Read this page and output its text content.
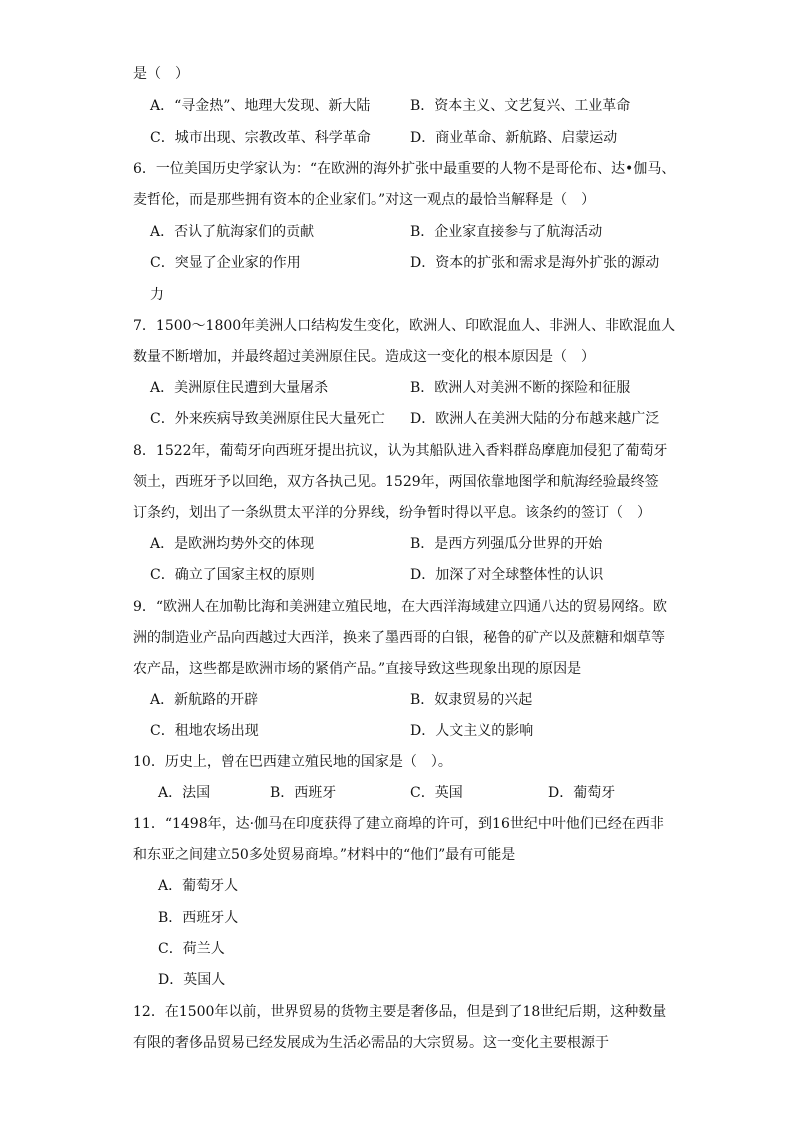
是（　）
A．“寻金热”、地理大发现、新大陆	B．资本主义、文艺复兴、工业革命
C．城市出现、宗教改革、科学革命	D．商业革命、新航路、启蒙运动
6．一位美国历史学家认为：“在欧洲的海外扩张中最重要的人物不是哥伦布、达•伽马、
麦哲伦，而是那些拥有资本的企业家们。”对这一观点的最恰当解释是（　）
A．否认了航海家们的贡献	B．企业家直接参与了航海活动
C．突显了企业家的作用	D．资本的扩张和需求是海外扩张的源动
力
7．1500～1800年美洲人口结构发生变化，欧洲人、印欧混血人、非洲人、非欧混血人
数量不断增加，并最终超过美洲原住民。造成这一变化的根本原因是（　）
A．美洲原住民遭到大量屠杀	B．欧洲人对美洲不断的探险和征服
C．外来疾病导致美洲原住民大量死亡 D．欧洲人在美洲大陆的分布越来越广泛
8．1522年，葡萄牙向西班牙提出抗议，认为其船队进入香料群岛摩鹿加侵犯了葡萄牙
领土，西班牙予以回绝，双方各执己见。1529年，两国依靠地图学和航海经验最终签
订条约，划出了一条纵贯太平洋的分界线，纷争暂时得以平息。该条约的签订（　）
A．是欧洲均势外交的体现	B．是西方列强瓜分世界的开始
C．确立了国家主权的原则	D．加深了对全球整体性的认识
9．“欧洲人在加勒比海和美洲建立殖民地，在大西洋海域建立四通八达的贸易网络。欧
洲的制造业产品向西越过大西洋，换来了墨西哥的白银，秘鲁的矿产以及蔗糖和烟草等
农产品，这些都是欧洲市场的紧俏产品。”直接导致这些现象出现的原因是
A．新航路的开辟	B．奴隶贸易的兴起
C．租地农场出现	D．人文主义的影响
10．历史上，曾在巴西建立殖民地的国家是（　）。
A．法国	B．西班牙	C．英国	D．葡萄牙
11．“1498年，达·伽马在印度获得了建立商埠的许可，到16世纪中叶他们已经在西非
和东亚之间建立50多处贸易商埠。”材料中的“他们”最有可能是
A．葡萄牙人
B．西班牙人
C．荷兰人
D．英国人
12．在1500年以前，世界贸易的货物主要是奢侈品，但是到了18世纪后期，这种数量
有限的奢侈品贸易已经发展成为生活必需品的大宗贸易。这一变化主要根源于
